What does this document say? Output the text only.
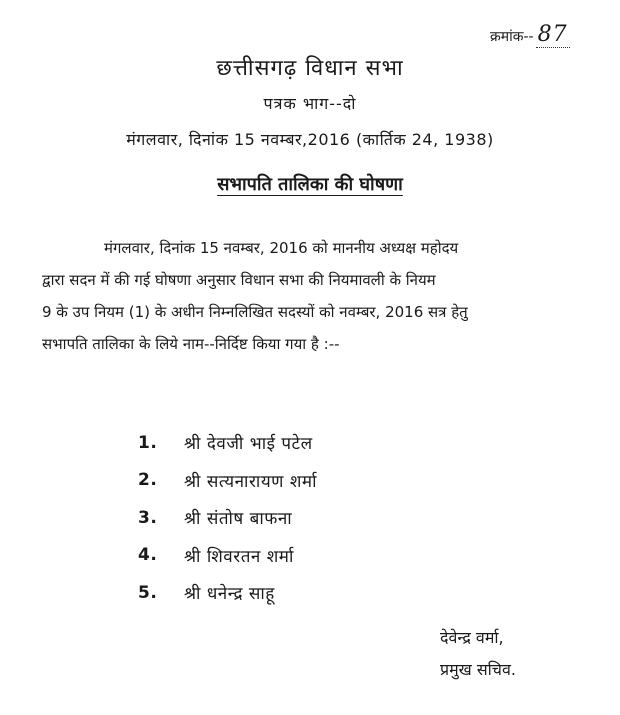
क्रमांक-- 87
छत्तीसगढ़ विधान सभा
पत्रक भाग--दो
मंगलवार, दिनांक 15 नवम्बर,2016 (कार्तिक 24, 1938)
सभापति तालिका की घोषणा
मंगलवार, दिनांक 15 नवम्बर, 2016 को माननीय अध्यक्ष महोदय
द्वारा सदन में की गई घोषणा अनुसार विधान सभा की नियमावली के नियम
9 के उप नियम (1) के अधीन निम्नलिखित सदस्यों को नवम्बर, 2016 सत्र हेतु
सभापति तालिका के लिये नाम--निर्दिष्ट किया गया है :--
1.	श्री देवजी भाई पटेल
2.	श्री सत्यनारायण शर्मा
3.	श्री संतोष बाफना
4.	श्री शिवरतन शर्मा
5.	श्री धनेन्द्र साहू
देवेन्द्र वर्मा,
प्रमुख सचिव.
